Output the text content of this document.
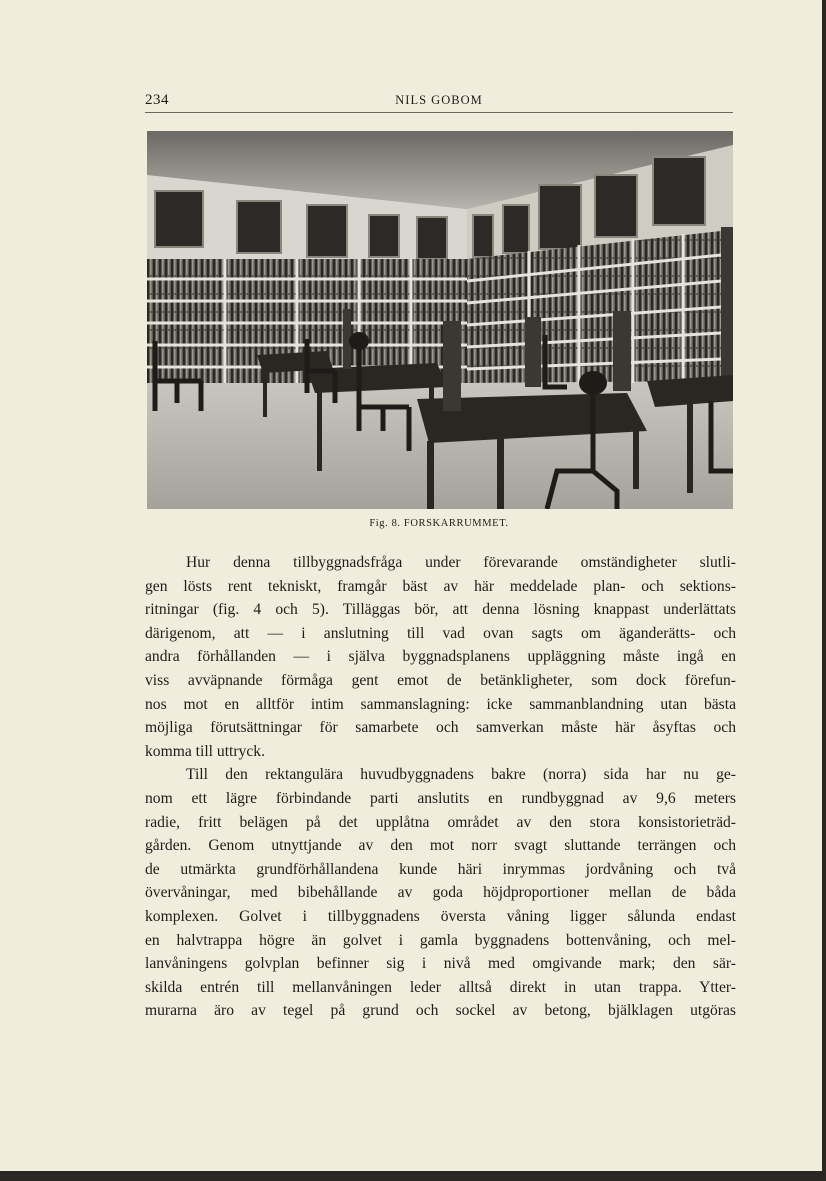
234	NILS GOBOM
Fig. 8. FORSKARRUMMET.
Hur denna tillbyggnadsfråga under förevarande omständigheter slutli-
gen lösts rent tekniskt, framgår bäst av här meddelade plan- och sektions-
ritningar (fig. 4 och 5). Tilläggas bör, att denna lösning knappast underlättats
därigenom, att — i anslutning till vad ovan sagts om äganderätts- och
andra förhållanden — i själva byggnadsplanens uppläggning måste ingå en
viss avväpnande förmåga gent emot de betänkligheter, som dock förefun-
nos mot en alltför intim sammanslagning: icke sammanblandning utan bästa
möjliga förutsättningar för samarbete och samverkan måste här åsyftas och
komma till uttryck.
Till den rektangulära huvudbyggnadens bakre (norra) sida har nu ge-
nom ett lägre förbindande parti anslutits en rundbyggnad av 9,6 meters
radie, fritt belägen på det upplåtna området av den stora konsistorieträd-
gården. Genom utnyttjande av den mot norr svagt sluttande terrängen och
de utmärkta grundförhållandena kunde häri inrymmas jordvåning och två
övervåningar, med bibehållande av goda höjdproportioner mellan de båda
komplexen. Golvet i tillbyggnadens översta våning ligger sålunda endast
en halvtrappa högre än golvet i gamla byggnadens bottenvåning, och mel-
lanvåningens golvplan befinner sig i nivå med omgivande mark; den sär-
skilda entrén till mellanvåningen leder alltså direkt in utan trappa. Ytter-
murarna äro av tegel på grund och sockel av betong, bjälklagen utgöras
